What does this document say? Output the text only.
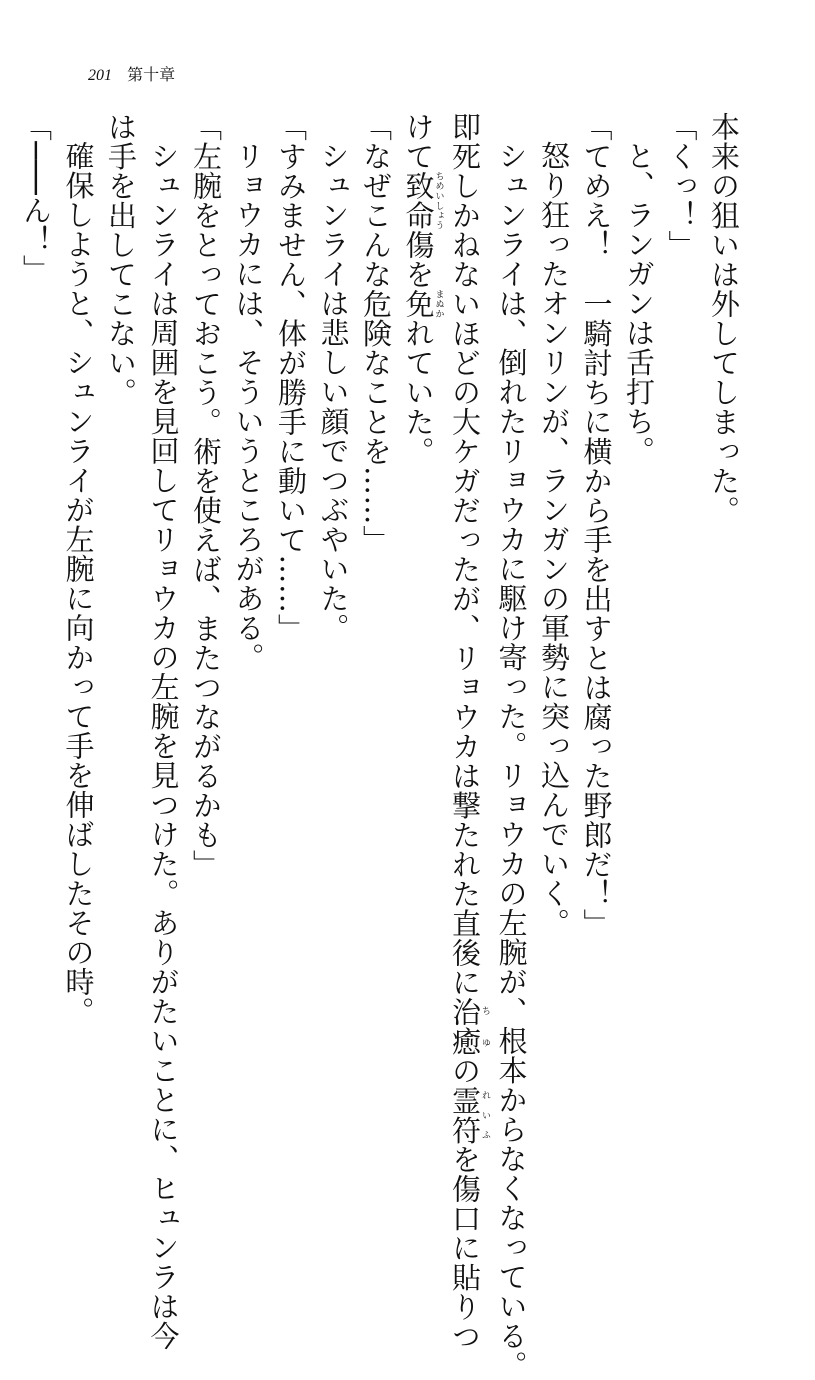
201 第十章
本来の狙いは外してしまった。
「くっ！」
と、ランガンは舌打ち。
「てめえ！　一騎討ちに横から手を出すとは腐った野郎だ！」
怒り狂ったオンリンが、ランガンの軍勢に突っ込んでいく。
シュンライは、倒れたリョウカに駆け寄った。リョウカの左腕が、根本からなくなっている。
即死しかねないほどの大ケガだったが、リョウカは撃たれた直後に治癒ちゆの霊符れいふを傷口に貼りつ
けて致命ちめいしょう傷を免まぬかれていた。
「なぜこんな危険なことを……」
シュンライは悲しい顔でつぶやいた。
「すみません、体が勝手に動いて……」
リョウカには、そういうところがある。
「左腕をとっておこう。術を使えば、またつながるかも」
シュンライは周囲を見回してリョウカの左腕を見つけた。ありがたいことに、ヒュンラは今
は手を出してこない。
確保しようと、シュンライが左腕に向かって手を伸ばしたその時。
「───ん！」
